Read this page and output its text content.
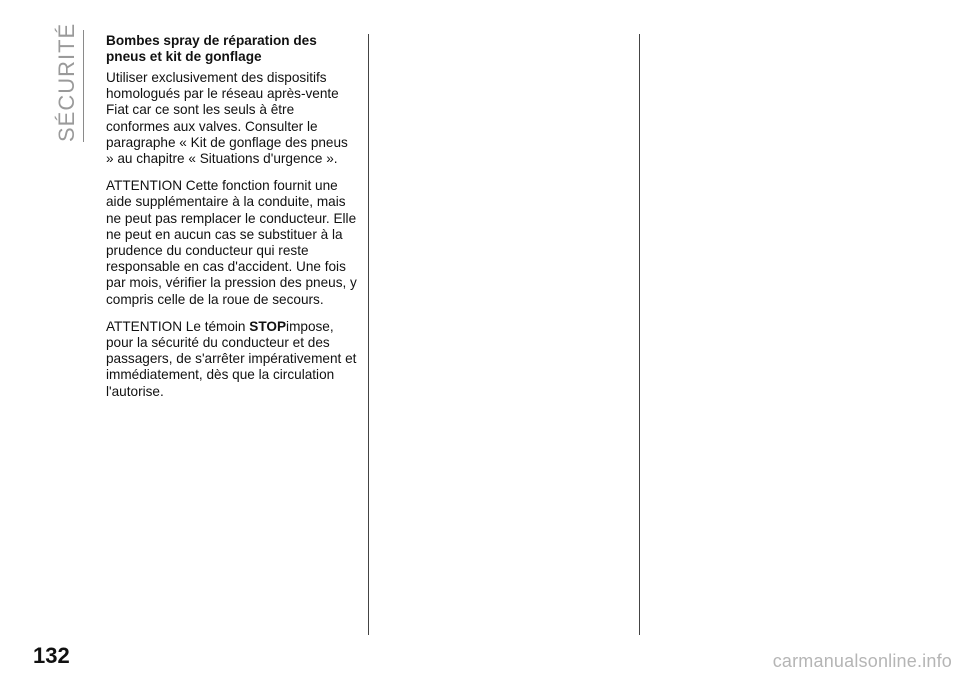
SÉCURITÉ Bombes spray de réparation des pneus et kit de gonflage

Utiliser exclusivement des dispositifs homologués par le réseau après-vente Fiat car ce sont les seuls à être conformes aux valves. Consulter le paragraphe « Kit de gonflage des pneus » au chapitre « Situations d'urgence ».

ATTENTION Cette fonction fournit une aide supplémentaire à la conduite, mais ne peut pas remplacer le conducteur. Elle ne peut en aucun cas se substituer à la prudence du conducteur qui reste responsable en cas d'accident. Une fois par mois, vérifier la pression des pneus, y compris celle de la roue de secours.

ATTENTION Le témoin STOPimpose, pour la sécurité du conducteur et des passagers, de s'arrêter impérativement et immédiatement, dès que la circulation l'autorise.

132	carmanualsonline.info
